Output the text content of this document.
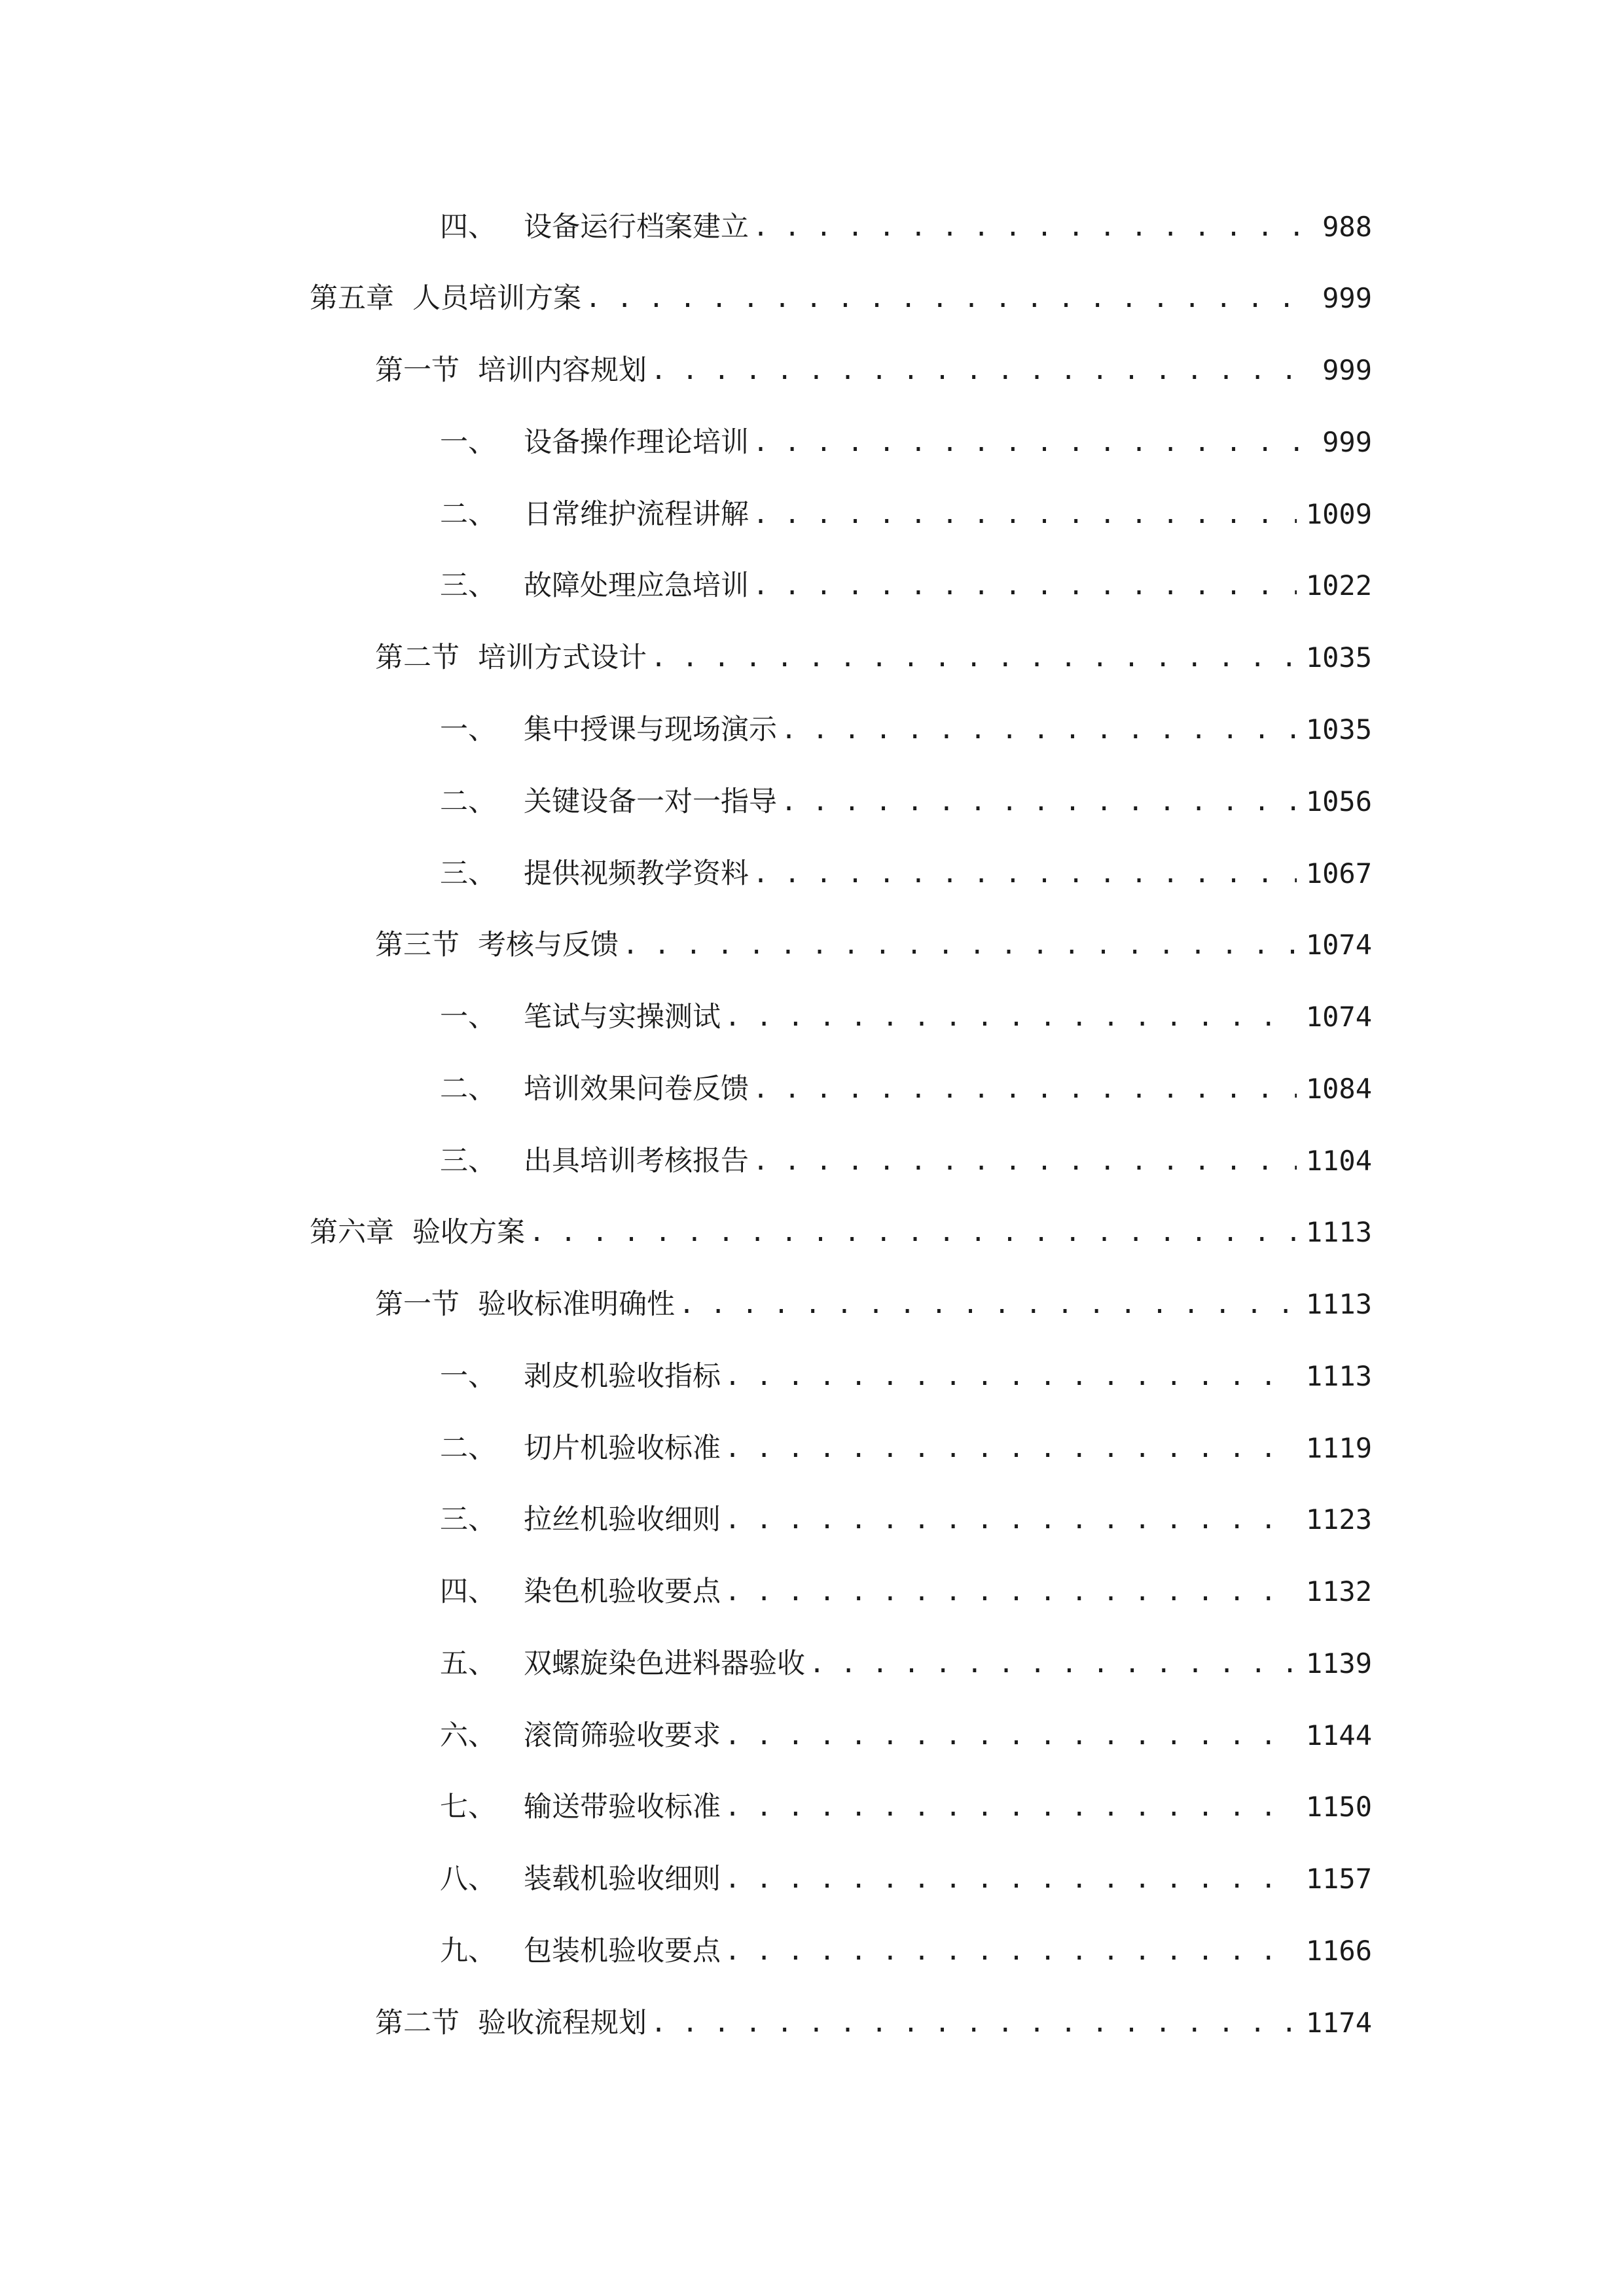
四、 设备运行档案建立 . . .	988
第五章 人员培训方案 . . .	999
第一节 培训内容规划 . . .	999
一、 设备操作理论培训 . . .	999
二、 日常维护流程讲解 . . .	1009
三、 故障处理应急培训 . . .	1022
第二节 培训方式设计 . . .	1035
一、 集中授课与现场演示 . . .	1035
二、 关键设备一对一指导 . . .	1056
三、 提供视频教学资料 . . .	1067
第三节 考核与反馈 . . .	1074
一、 笔试与实操测试 . . .	1074
二、 培训效果问卷反馈 . . .	1084
三、 出具培训考核报告 . . .	1104
第六章 验收方案 . . .	1113
第一节 验收标准明确性 . . .	1113
一、 剥皮机验收指标 . . .	1113
二、 切片机验收标准 . . .	1119
三、 拉丝机验收细则 . . .	1123
四、 染色机验收要点 . . .	1132
五、 双螺旋染色进料器验收 . . .	1139
六、 滚筒筛验收要求 . . .	1144
七、 输送带验收标准 . . .	1150
八、 装载机验收细则 . . .	1157
九、 包装机验收要点 . . .	1166
第二节 验收流程规划 . . .	1174
